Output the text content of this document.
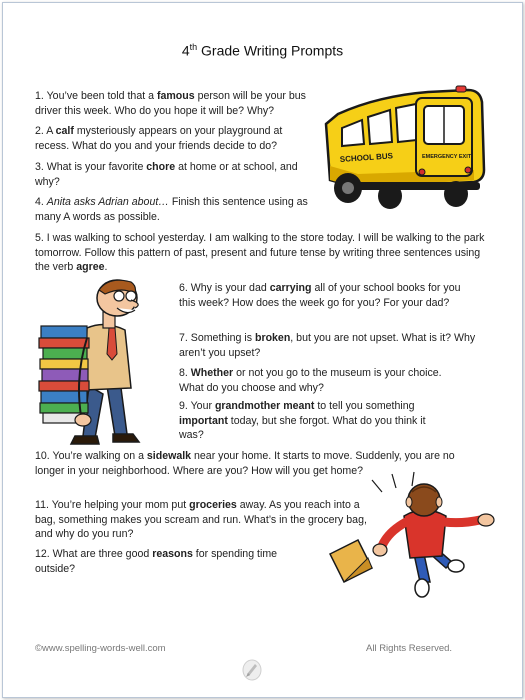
4th Grade Writing Prompts

1. You’ve been told that a famous person will be your bus driver this week. Who do you hope it will be? Why?

2. A calf mysteriously appears on your playground at recess. What do you and your friends decide to do?

3. What is your favorite chore at home or at school, and why?

4. Anita asks Adrian about… Finish this sentence using as many A words as possible.

5. I was walking to school yesterday. I am walking to the store today. I will be walking to the park tomorrow. Follow this pattern of past, present and future tense by writing three sentences using the verb agree.

6. Why is your dad carrying all of your school books for you this week? How does the week go for you? For your dad?

7. Something is broken, but you are not upset. What is it? Why aren’t you upset?

8. Whether or not you go to the museum is your choice. What do you choose and why?

9. Your grandmother meant to tell you something important today, but she forgot. What do you think it was?

10. You’re walking on a sidewalk near your home. It starts to move. Suddenly, you are no longer in your neighborhood. Where are you? How will you get home?

11. You’re helping your mom put groceries away. As you reach into a bag, something makes you scream and run. What’s in the grocery bag, and why do you run?

12. What are three good reasons for spending time outside?

SCHOOL BUS	EMERGENCY EXIT
©www.spelling-words-well.com	All Rights Reserved.
